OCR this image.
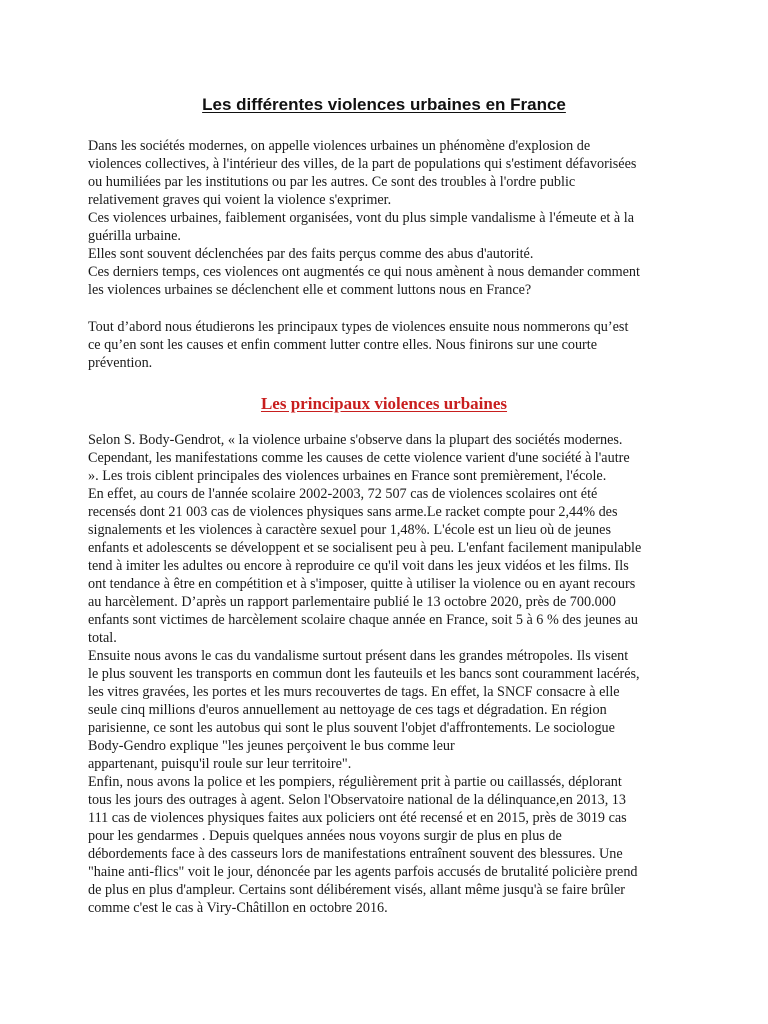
Les différentes violences urbaines en France

Dans les sociétés modernes, on appelle violences urbaines un phénomène d'explosion de

violences collectives, à l'intérieur des villes, de la part de populations qui s'estiment défavorisées

ou humiliées par les institutions ou par les autres. Ce sont des troubles à l'ordre public

relativement graves qui voient la violence s'exprimer.

Ces violences urbaines, faiblement organisées, vont du plus simple vandalisme à l'émeute et à la

guérilla urbaine.

Elles sont souvent déclenchées par des faits perçus comme des abus d'autorité.

Ces derniers temps, ces violences ont augmentés ce qui nous amènent à nous demander comment

les violences urbaines se déclenchent elle et comment luttons nous en France?

Tout d’abord nous étudierons les principaux types de violences ensuite nous nommerons qu’est

ce qu’en sont les causes et enfin comment lutter contre elles. Nous finirons sur une courte

prévention.

Les principaux violences urbaines

Selon S. Body-Gendrot, « la violence urbaine s'observe dans la plupart des sociétés modernes.

Cependant, les manifestations comme les causes de cette violence varient d'une société à l'autre

». Les trois ciblent principales des violences urbaines en France sont premièrement, l'école.

En effet, au cours de l'année scolaire 2002-2003, 72 507 cas de violences scolaires ont été

recensés dont 21 003 cas de violences physiques sans arme.Le racket compte pour 2,44% des

signalements et les violences à caractère sexuel pour 1,48%. L'école est un lieu où de jeunes

enfants et adolescents se développent et se socialisent peu à peu. L'enfant facilement manipulable

tend à imiter les adultes ou encore à reproduire ce qu'il voit dans les jeux vidéos et les films. Ils

ont tendance à être en compétition et à s'imposer, quitte à utiliser la violence ou en ayant recours

au harcèlement. D’après un rapport parlementaire publié le 13 octobre 2020, près de 700.000

enfants sont victimes de harcèlement scolaire chaque année en France, soit 5 à 6 % des jeunes au

total.

Ensuite nous avons le cas du vandalisme surtout présent dans les grandes métropoles. Ils visent

le plus souvent les transports en commun dont les fauteuils et les bancs sont couramment lacérés,

les vitres gravées, les portes et les murs recouvertes de tags. En effet, la SNCF consacre à elle

seule cinq millions d'euros annuellement au nettoyage de ces tags et dégradation. En région

parisienne, ce sont les autobus qui sont le plus souvent l'objet d'affrontements. Le sociologue

Body-Gendro explique "les jeunes perçoivent le bus comme leur

appartenant, puisqu'il roule sur leur territoire".

Enfin, nous avons la police et les pompiers, régulièrement prit à partie ou caillassés, déplorant

tous les jours des outrages à agent. Selon l'Observatoire national de la délinquance,en 2013, 13

111 cas de violences physiques faites aux policiers ont été recensé et en 2015, près de 3019 cas

pour les gendarmes . Depuis quelques années nous voyons surgir de plus en plus de

débordements face à des casseurs lors de manifestations entraînent souvent des blessures. Une

"haine anti-flics" voit le jour, dénoncée par les agents parfois accusés de brutalité policière prend

de plus en plus d'ampleur. Certains sont délibérement visés, allant même jusqu'à se faire brûler

comme c'est le cas à Viry-Châtillon en octobre 2016.
